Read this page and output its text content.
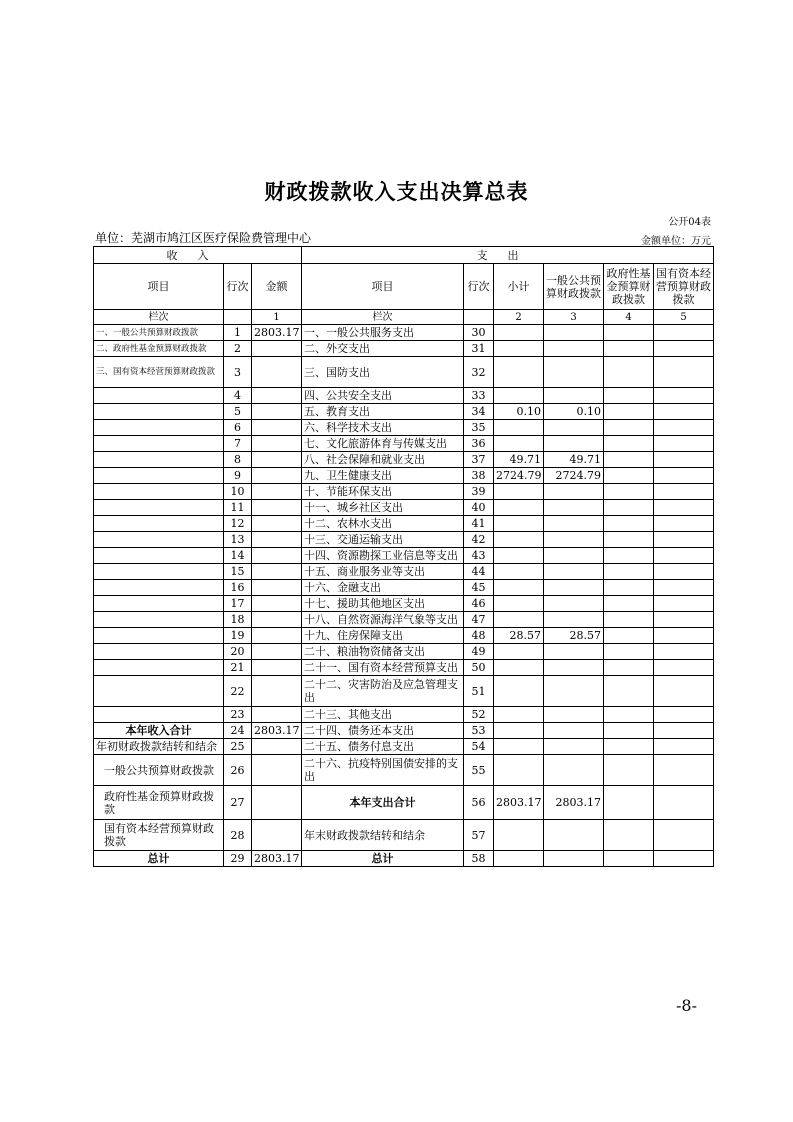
财政拨款收入支出决算总表
公开04表
单位：芜湖市鸠江区医疗保险费管理中心	金额单位：万元
收入			支出					
项目	行次	金额	项目	行次	小计	一般公共预算财政拨款	政府性基金预算财政拨款	国有资本经营预算财政拨款
栏次		1	栏次		2	3	4	5
一、一般公共预算财政拨款	1	2803.17	一、一般公共服务支出	30				
二、政府性基金预算财政拨款	2		二、外交支出	31				
三、国有资本经营预算财政拨款	3		三、国防支出	32				
	4		四、公共安全支出	33				
	5		五、教育支出	34	0.10	0.10		
	6		六、科学技术支出	35				
	7		七、文化旅游体育与传媒支出	36				
	8		八、社会保障和就业支出	37	49.71	49.71		
	9		九、卫生健康支出	38	2724.79	2724.79		
	10		十、节能环保支出	39				
	11		十一、城乡社区支出	40				
	12		十二、农林水支出	41				
	13		十三、交通运输支出	42				
	14		十四、资源勘探工业信息等支出	43				
	15		十五、商业服务业等支出	44				
	16		十六、金融支出	45				
	17		十七、援助其他地区支出	46				
	18		十八、自然资源海洋气象等支出	47				
	19		十九、住房保障支出	48	28.57	28.57		
	20		二十、粮油物资储备支出	49				
	21		二十一、国有资本经营预算支出	50				
	22		二十二、灾害防治及应急管理支出	51				
	23		二十三、其他支出	52				
本年收入合计	24	2803.17	二十四、债务还本支出	53				
年初财政拨款结转和结余	25		二十五、债务付息支出	54				
一般公共预算财政拨款	26		二十六、抗疫特别国债安排的支出	55				
政府性基金预算财政拨款	27		本年支出合计	56	2803.17	2803.17		
国有资本经营预算财政拨款	28		年末财政拨款结转和结余	57				
总计	29	2803.17	总计	58				
-8-
